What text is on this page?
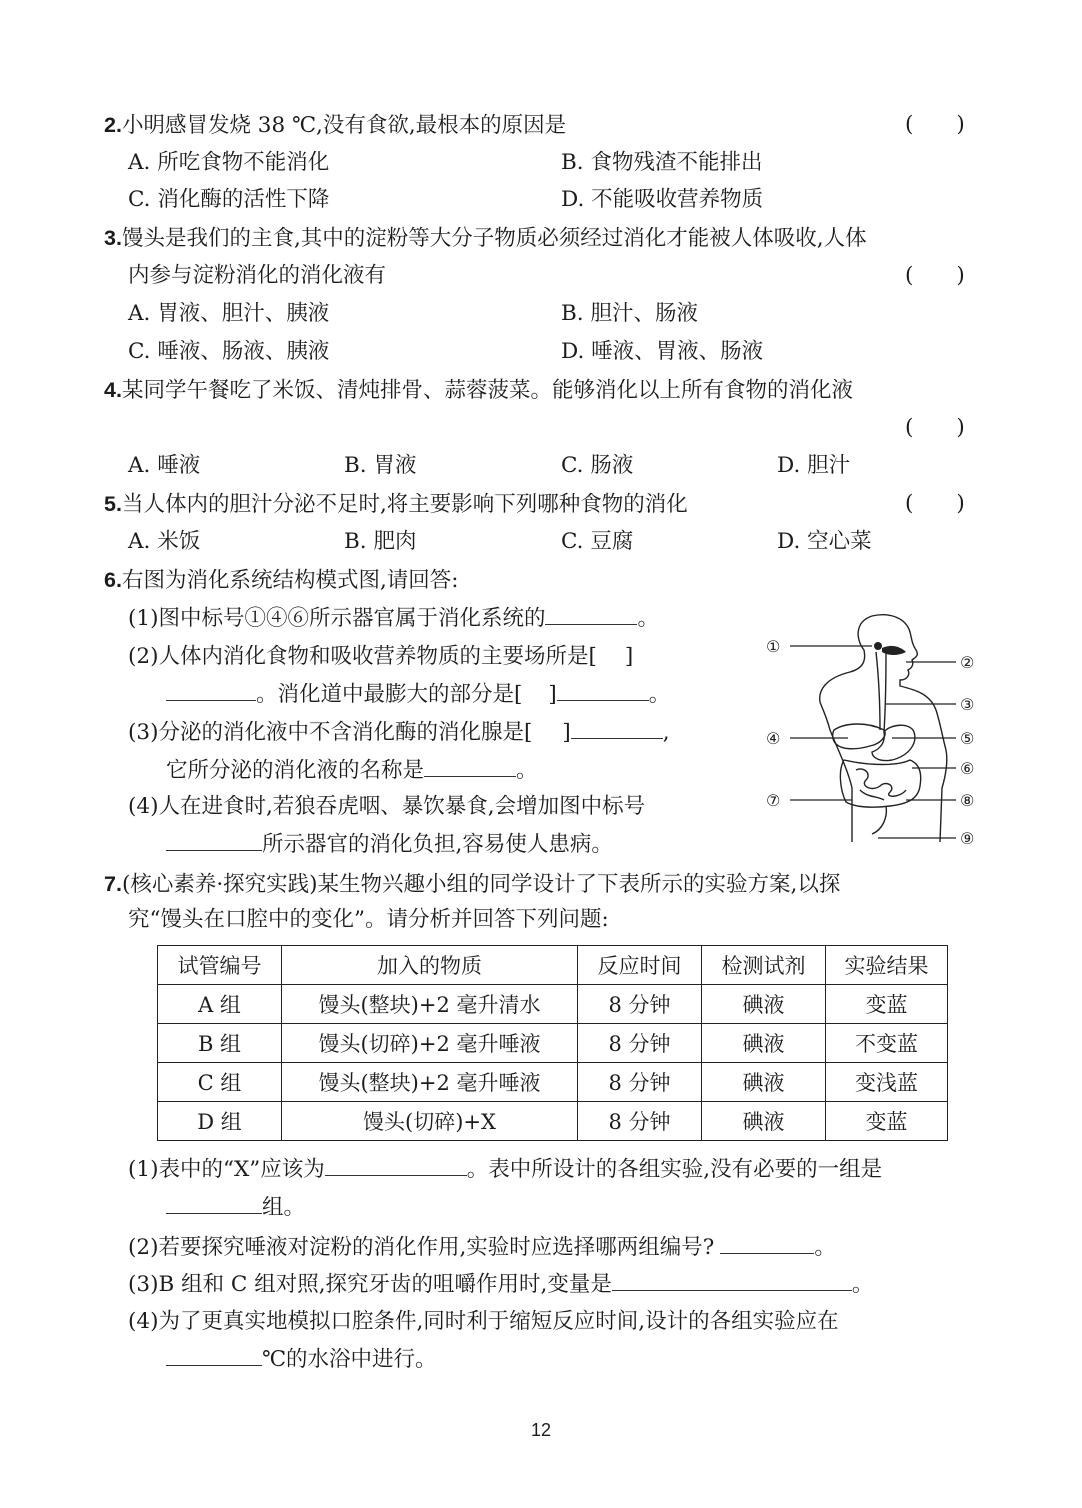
2.小明感冒发烧 38 ℃,没有食欲,最根本的原因是	(　　)
A. 所吃食物不能消化	B. 食物残渣不能排出
C. 消化酶的活性下降	D. 不能吸收营养物质
3.馒头是我们的主食,其中的淀粉等大分子物质必须经过消化才能被人体吸收,人体
内参与淀粉消化的消化液有	(　　)
A. 胃液、胆汁、胰液	B. 胆汁、肠液
C. 唾液、肠液、胰液	D. 唾液、胃液、肠液
4.某同学午餐吃了米饭、清炖排骨、蒜蓉菠菜。能够消化以上所有食物的消化液
(　　)
A. 唾液	B. 胃液	C. 肠液	D. 胆汁
5.当人体内的胆汁分泌不足时,将主要影响下列哪种食物的消化	(　　)
A. 米饭	B. 肥肉	C. 豆腐	D. 空心菜
6.右图为消化系统结构模式图,请回答:
(1)图中标号①④⑥所示器官属于消化系统的	。
(2)人体内消化食物和吸收营养物质的主要场所是[ ]
。消化道中最膨大的部分是[ ]	。
(3)分泌的消化液中不含消化酶的消化腺是[ ]	,
它所分泌的消化液的名称是	。
(4)人在进食时,若狼吞虎咽、暴饮暴食,会增加图中标号
所示器官的消化负担,容易使人患病。
①
②
③
④	⑤
⑥
⑦	⑧
⑨
7.(核心素养·探究实践)某生物兴趣小组的同学设计了下表所示的实验方案,以探
究“馒头在口腔中的变化”。请分析并回答下列问题:
试管编号	加入的物质	反应时间	检测试剂	实验结果
A 组	馒头(整块)+2 毫升清水	8 分钟	碘液	变蓝
B 组	馒头(切碎)+2 毫升唾液	8 分钟	碘液	不变蓝
C 组	馒头(整块)+2 毫升唾液	8 分钟	碘液	变浅蓝
D 组	馒头(切碎)+X	8 分钟	碘液	变蓝
(1)表中的“X”应该为	。表中所设计的各组实验,没有必要的一组是
组。
(2)若要探究唾液对淀粉的消化作用,实验时应选择哪两组编号?	。
(3)B 组和 C 组对照,探究牙齿的咀嚼作用时,变量是	。
(4)为了更真实地模拟口腔条件,同时利于缩短反应时间,设计的各组实验应在
℃的水浴中进行。
12
